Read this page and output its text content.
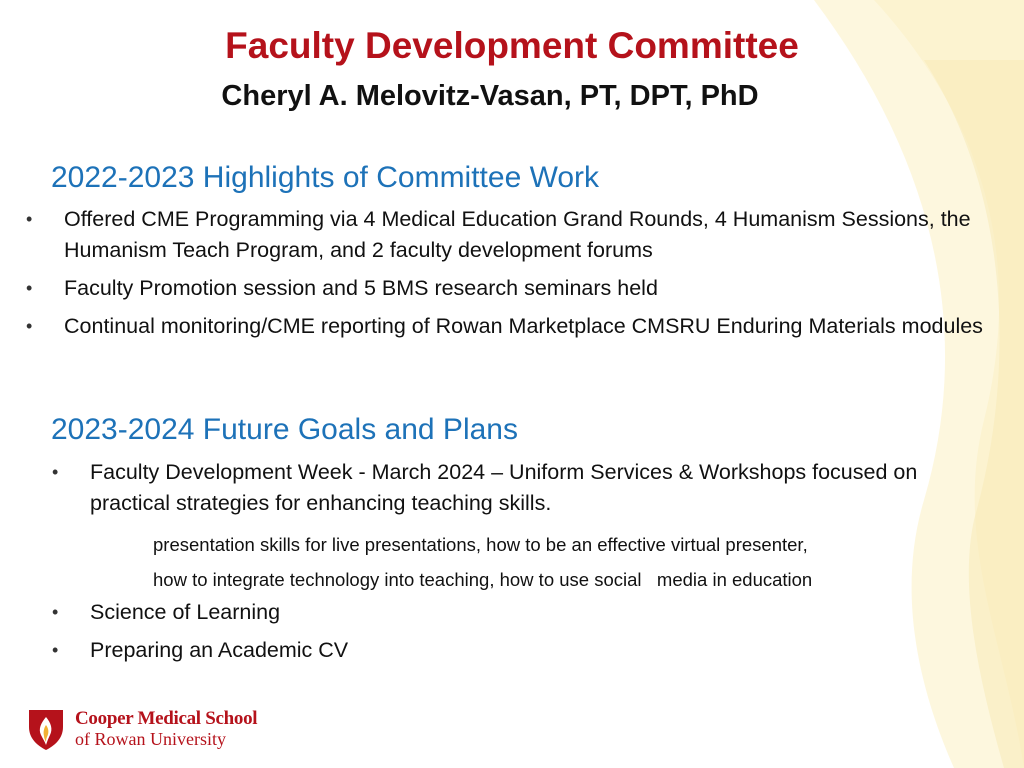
Faculty Development Committee
Cheryl A. Melovitz-Vasan, PT, DPT, PhD
2022-2023 Highlights of Committee Work
• Offered CME Programming via 4 Medical Education Grand Rounds, 4 Humanism Sessions, the Humanism Teach Program, and 2 faculty development forums
• Faculty Promotion session and 5 BMS research seminars held
• Continual monitoring/CME reporting of Rowan Marketplace CMSRU Enduring Materials modules
2023-2024 Future Goals and Plans
• Faculty Development Week - March 2024 – Uniform Services & Workshops focused on practical strategies for enhancing teaching skills.
presentation skills for live presentations, how to be an effective virtual presenter,
how to integrate technology into teaching, how to use social   media in education
• Science of Learning
• Preparing an Academic CV
Cooper Medical School
of Rowan University
